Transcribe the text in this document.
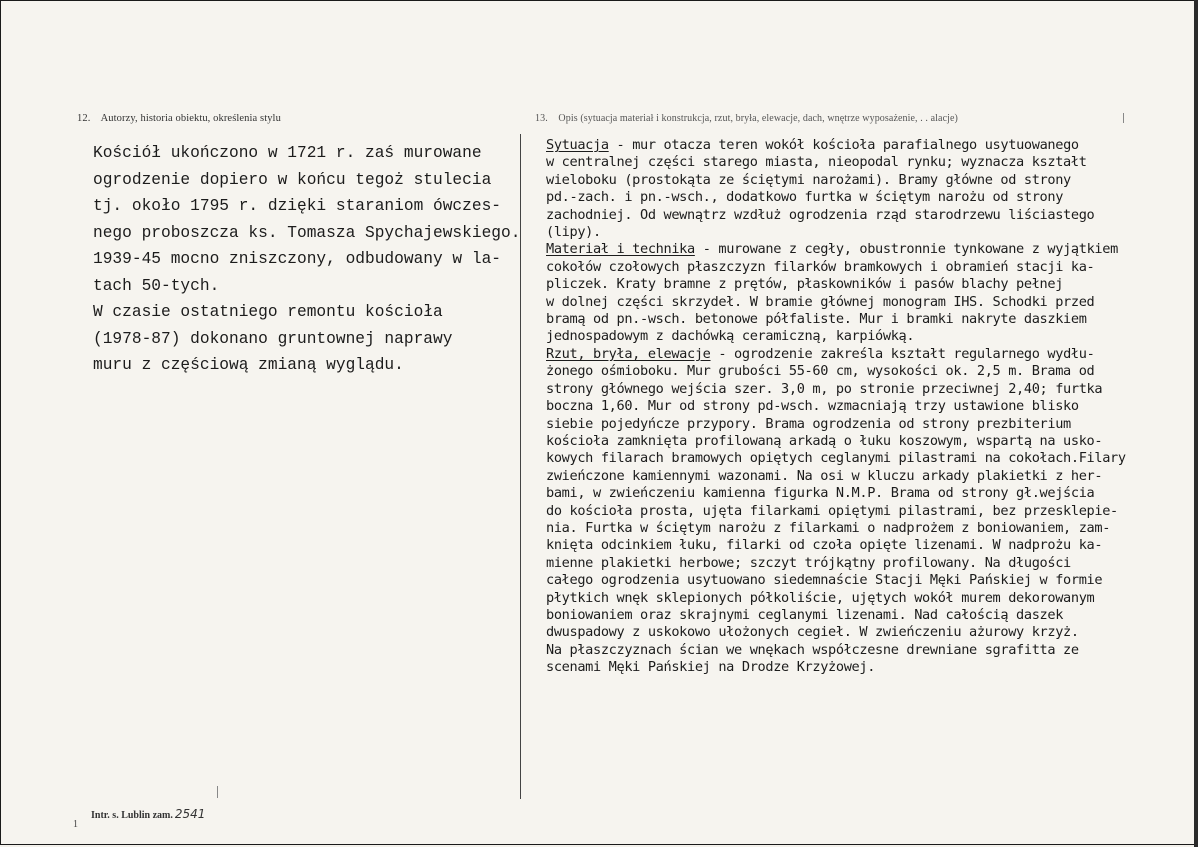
12. Autorzy, historia obiektu, określenia stylu	13. Opis (sytuacja materiał i konstrukcja, rzut, bryła, elewacje, dach, wnętrze wyposażenie, . . alacje)
Kościół ukończono w 1721 r. zaś murowane
ogrodzenie dopiero w końcu tegoż stulecia
tj. około 1795 r. dzięki staraniom ówczes-
nego proboszcza ks. Tomasza Spychajewskiego.
1939-45 mocno zniszczony, odbudowany w la-
tach 50-tych.
W czasie ostatniego remontu kościoła
(1978-87) dokonano gruntownej naprawy
muru z częściową zmianą wyglądu.
Sytuacja - mur otacza teren wokół kościoła parafialnego usytuowanego
w centralnej części starego miasta, nieopodal rynku; wyznacza kształt
wieloboku (prostokąta ze ściętymi narożami). Bramy główne od strony
pd.-zach. i pn.-wsch., dodatkowo furtka w ściętym narożu od strony
zachodniej. Od wewnątrz wzdłuż ogrodzenia rząd starodrzewu liściastego
(lipy).
Materiał i technika - murowane z cegły, obustronnie tynkowane z wyjątkiem
cokołów czołowych płaszczyzn filarków bramkowych i obramień stacji ka-
pliczek. Kraty bramne z prętów, płaskowników i pasów blachy pełnej
w dolnej części skrzydeł. W bramie głównej monogram IHS. Schodki przed
bramą od pn.-wsch. betonowe półfaliste. Mur i bramki nakryte daszkiem
jednospadowym z dachówką ceramiczną, karpiówką.
Rzut, bryła, elewacje - ogrodzenie zakreśla kształt regularnego wydłu-
żonego ośmioboku. Mur grubości 55-60 cm, wysokości ok. 2,5 m. Brama od
strony głównego wejścia szer. 3,0 m, po stronie przeciwnej 2,40; furtka
boczna 1,60. Mur od strony pd-wsch. wzmacniają trzy ustawione blisko
siebie pojedyńcze przypory. Brama ogrodzenia od strony prezbiterium
kościoła zamknięta profilowaną arkadą o łuku koszowym, wspartą na usko-
kowych filarach bramowych opiętych ceglanymi pilastrami na cokołach.Filary
zwieńczone kamiennymi wazonami. Na osi w kluczu arkady plakietki z her-
bami, w zwieńczeniu kamienna figurka N.M.P. Brama od strony gł.wejścia
do kościoła prosta, ujęta filarkami opiętymi pilastrami, bez przesklepie-
nia. Furtka w ściętym narożu z filarkami o nadprożem z boniowaniem, zam-
knięta odcinkiem łuku, filarki od czoła opięte lizenami. W nadprożu ka-
mienne plakietki herbowe; szczyt trójkątny profilowany. Na długości
całego ogrodzenia usytuowano siedemnaście Stacji Męki Pańskiej w formie
płytkich wnęk sklepionych półkoliście, ujętych wokół murem dekorowanym
boniowaniem oraz skrajnymi ceglanymi lizenami. Nad całością daszek
dwuspadowy z uskokowo ułożonych cegieł. W zwieńczeniu ażurowy krzyż.
Na płaszczyznach ścian we wnękach współczesne drewniane sgrafitta ze
scenami Męki Pańskiej na Drodze Krzyżowej.
Intr. s. Lublin zam. 2541
1
